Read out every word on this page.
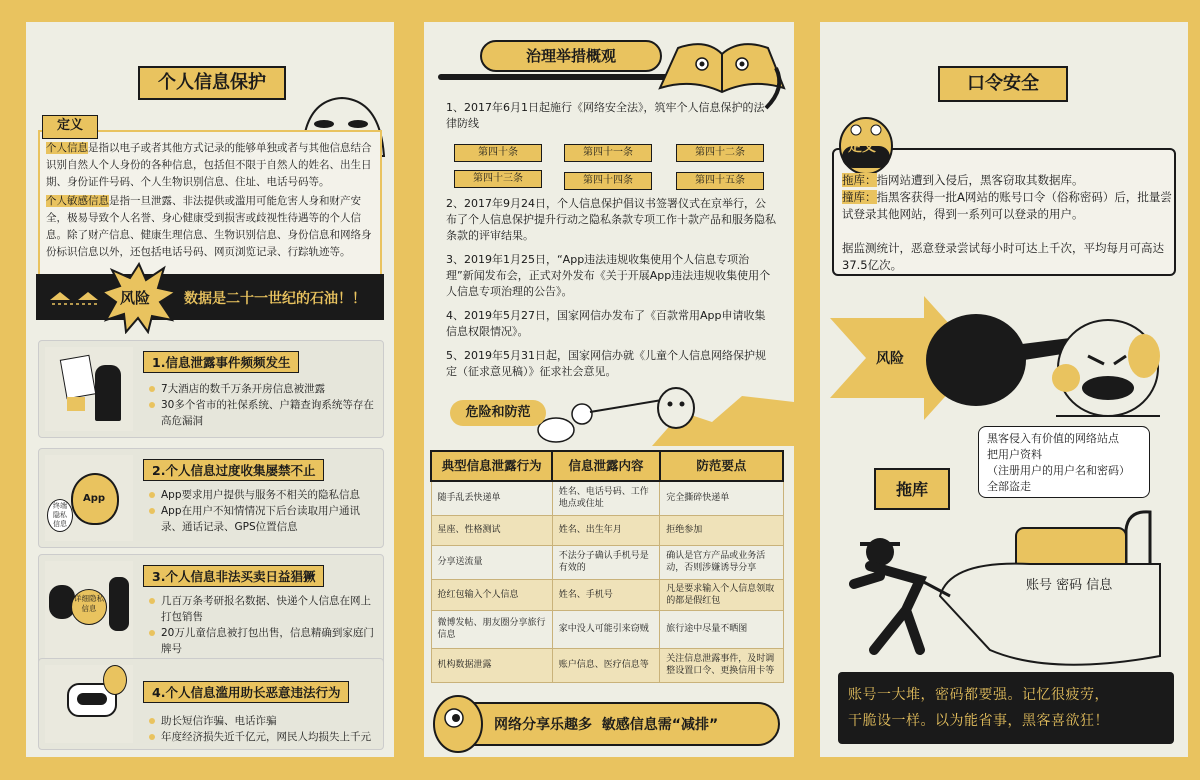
个人信息保护
定义
个人信息是指以电子或者其他方式记录的能够单独或者与其他信息结合识别自然人个人身份的各种信息，包括但不限于自然人的姓名、出生日期、身份证件号码、个人生物识别信息、住址、电话号码等。
个人敏感信息是指一旦泄露、非法提供或滥用可能危害人身和财产安全，极易导致个人名誉、身心健康受到损害或歧视性待遇等的个人信息。除了财产信息、健康生理信息、生物识别信息、身份信息和网络身份标识信息以外，还包括电话号码、网页浏览记录、行踪轨迹等。
数据是二十一世纪的石油！！
风险
1.信息泄露事件频频发生
7大酒店的数千万条开房信息被泄露
30多个省市的社保系统、户籍查询系统等存在高危漏洞
App
终端隐私信息
2.个人信息过度收集屡禁不止
App要求用户提供与服务不相关的隐私信息
App在用户不知情情况下后台读取用户通讯录、通话记录、GPS位置信息
详细隐私信息
3.个人信息非法买卖日益猖獗
几百万条考研报名数据、快递个人信息在网上打包销售
20万儿童信息被打包出售，信息精确到家庭门牌号
4.个人信息滥用助长恶意违法行为
助长短信诈骗、电话诈骗
年度经济损失近千亿元，网民人均损失上千元
治理举措概观
1、2017年6月1日起施行《网络安全法》，筑牢个人信息保护的法律防线
第四十条	第四十一条	第四十二条
第四十三条	第四十四条	第四十五条
2、2017年9月24日，个人信息保护倡议书签署仪式在京举行，公布了个人信息保护提升行动之隐私条款专项工作十款产品和服务隐私条款的评审结果。
3、2019年1月25日，“App违法违规收集使用个人信息专项治理”新闻发布会，正式对外发布《关于开展App违法违规收集使用个人信息专项治理的公告》。
4、2019年5月27日，国家网信办发布了《百款常用App申请收集信息权限情况》。
5、2019年5月31日起，国家网信办就《儿童个人信息网络保护规定（征求意见稿）》征求社会意见。
危险和防范
典型信息泄露行为	信息泄露内容	防范要点
随手乱丢快递单	姓名、电话号码、工作地点或住址	完全撕碎快递单
星座、性格测试	姓名、出生年月	拒绝参加
分享送流量	不法分子确认手机号是有效的	确认是官方产品或业务活动，否则涉嫌诱导分享
抢红包输入个人信息	姓名、手机号	凡是要求输入个人信息领取的都是假红包
微博发帖、朋友圈分享旅行信息	家中没人可能引来窃贼	旅行途中尽量不晒图
机构数据泄露	账户信息、医疗信息等	关注信息泄露事件，及时调整设置口令、更换信用卡等
网络分享乐趣多  敏感信息需“减排”
口令安全
定义
拖库：指网站遭到入侵后，黑客窃取其数据库。
撞库：指黑客获得一批A网站的账号口令（俗称密码）后，批量尝试登录其他网站，得到一系列可以登录的用户。
据监测统计，恶意登录尝试每小时可达上千次，平均每月可高达37.5亿次。
风险
黑客侵入有价值的网络站点
把用户资料
（注册用户的用户名和密码）
全部盗走
拖库
账号 密码 信息
账号一大堆，密码都要强。记忆很疲劳，
干脆设一样。以为能省事，黑客喜欲狂！
